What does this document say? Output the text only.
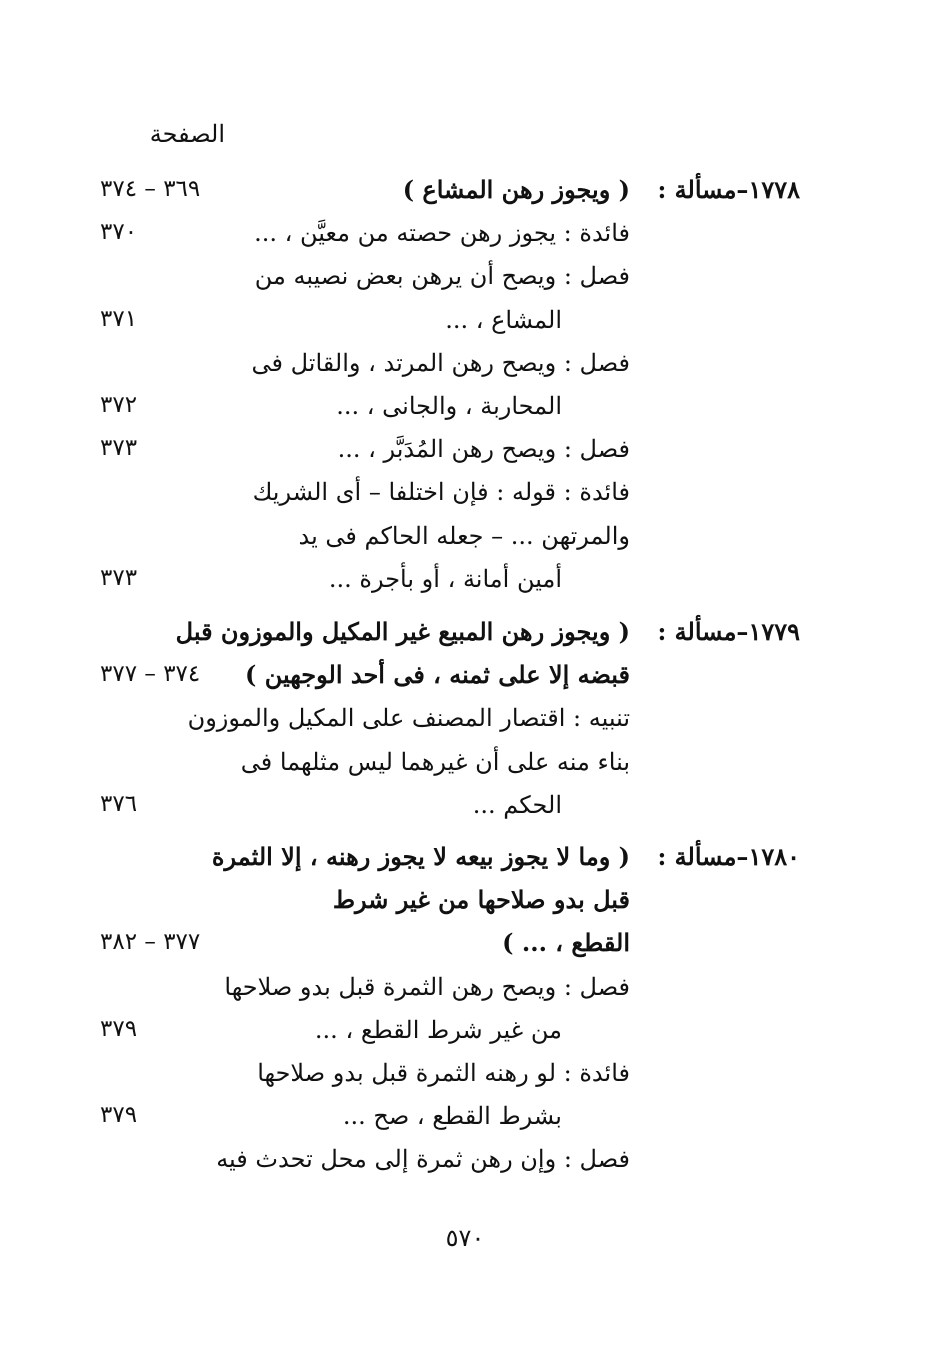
الصفحة
١٧٧٨–مسألة :
( ويجوز رهن المشاع )
٣٦٩ – ٣٧٤
فائدة : يجوز رهن حصته من معيَّن ، ...
٣٧٠
فصل : ويصح أن يرهن بعض نصيبه من
المشاع ، ...
٣٧١
فصل : ويصح رهن المرتد ، والقاتل فى
المحاربة ، والجانى ، ...
٣٧٢
فصل : ويصح رهن المُدَبَّر ، ...
٣٧٣
فائدة : قوله : فإن اختلفا – أى الشريك
والمرتهن ... – جعله الحاكم فى يد
أمين أمانة ، أو بأجرة ...
٣٧٣
١٧٧٩–مسألة :
( ويجوز رهن المبيع غير المكيل والموزون قبل
قبضه إلا على ثمنه ، فى أحد الوجهين )
٣٧٤ – ٣٧٧
تنبيه : اقتصار المصنف على المكيل والموزون
بناء منه على أن غيرهما ليس مثلهما فى
الحكم ...
٣٧٦
١٧٨٠–مسألة :
( وما لا يجوز بيعه لا يجوز رهنه ، إلا الثمرة
قبل بدو صلاحها من غير شرط
القطع ، ... )
٣٧٧ – ٣٨٢
فصل : ويصح رهن الثمرة قبل بدو صلاحها
من غير شرط القطع ، ...
٣٧٩
فائدة : لو رهنه الثمرة قبل بدو صلاحها
بشرط القطع ، صح ...
٣٧٩
فصل : وإن رهن ثمرة إلى محل تحدث فيه
٥٧٠
